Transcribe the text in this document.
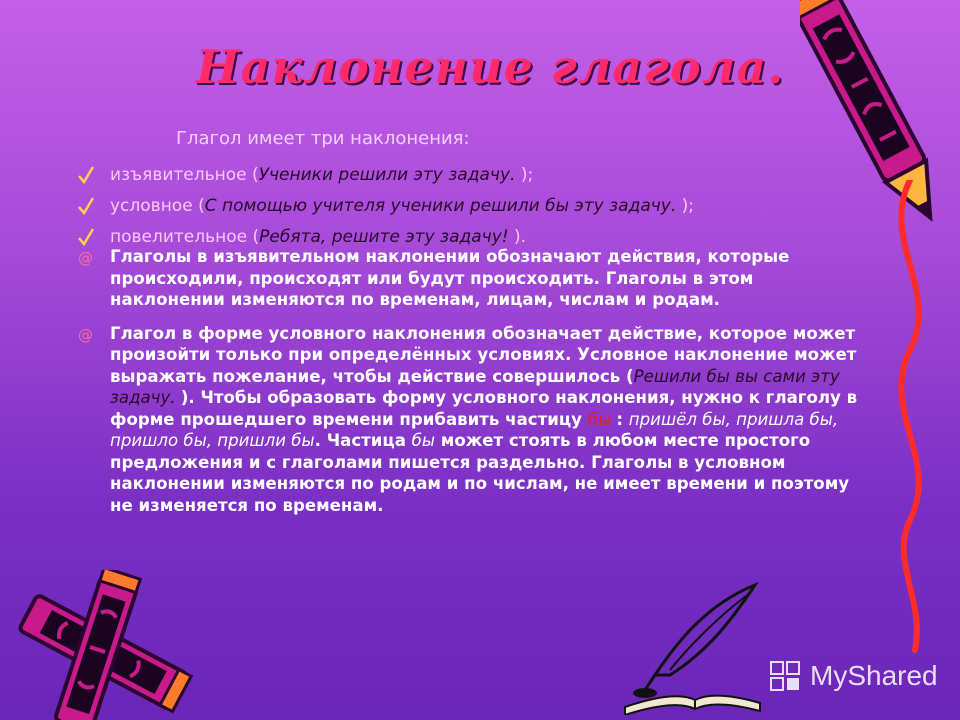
Наклонение глагола.
Глагол имеет три наклонения:
изъявительное (Ученики решили эту задачу. );
условное (С помощью учителя ученики решили бы эту задачу. );
повелительное (Ребята, решите эту задачу! ).
@ Глаголы в изъявительном наклонении обозначают действия, которые происходили, происходят или будут происходить. Глаголы в этом наклонении изменяются по временам, лицам, числам и родам.
@ Глагол в форме условного наклонения обозначает действие, которое может произойти только при определённых условиях. Условное наклонение может выражать пожелание, чтобы действие совершилось (Решили бы вы сами эту задачу. ). Чтобы образовать форму условного наклонения, нужно к глаголу в форме прошедшего времени прибавить частицу бы : пришёл бы, пришла бы, пришло бы, пришли бы. Частица бы может стоять в любом месте простого предложения и с глаголами пишется раздельно. Глаголы в условном наклонении изменяются по родам и по числам, не имеет времени и поэтому не изменяется по временам.
MyShared
